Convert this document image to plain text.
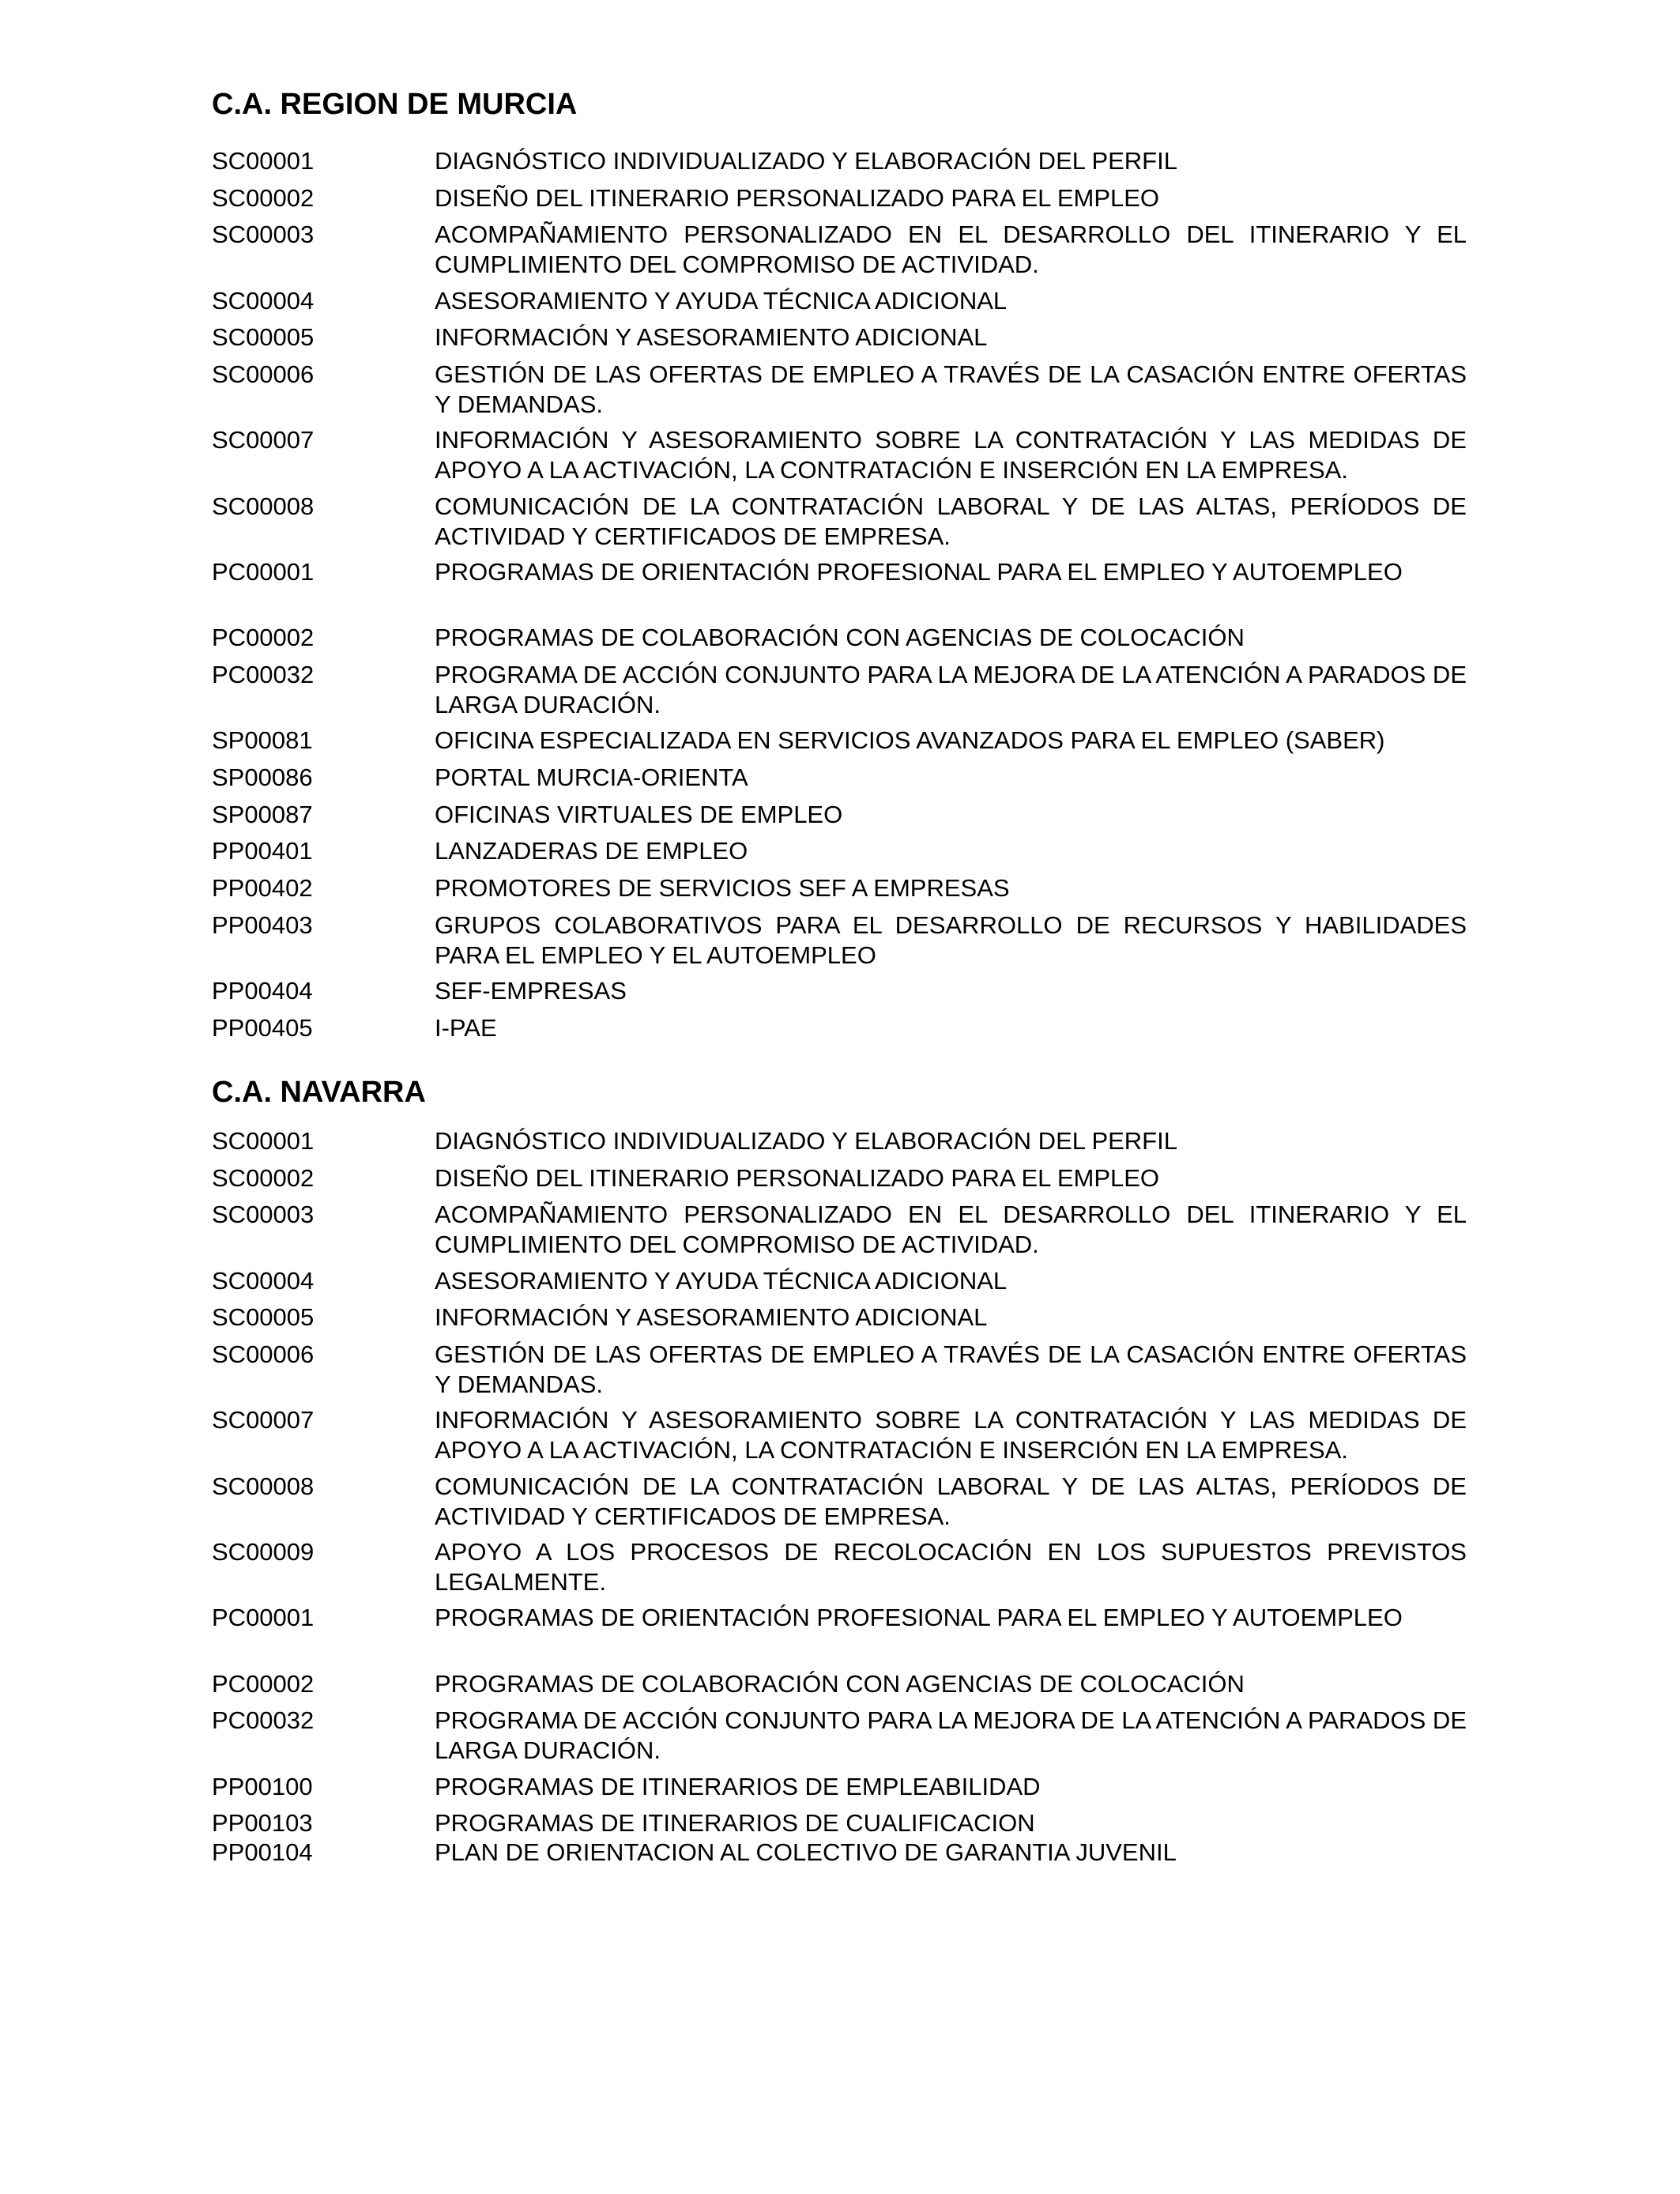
C.A. REGION DE MURCIA
SC00001	DIAGNÓSTICO INDIVIDUALIZADO Y ELABORACIÓN DEL PERFIL
SC00002	DISEÑO DEL ITINERARIO PERSONALIZADO PARA EL EMPLEO
SC00003	ACOMPAÑAMIENTO PERSONALIZADO EN EL DESARROLLO DEL ITINERARIO Y EL CUMPLIMIENTO DEL COMPROMISO DE ACTIVIDAD.
SC00004	ASESORAMIENTO Y AYUDA TÉCNICA ADICIONAL
SC00005	INFORMACIÓN Y ASESORAMIENTO ADICIONAL
SC00006	GESTIÓN DE LAS OFERTAS DE EMPLEO A TRAVÉS DE LA CASACIÓN ENTRE OFERTAS Y DEMANDAS.
SC00007	INFORMACIÓN Y ASESORAMIENTO SOBRE LA CONTRATACIÓN Y LAS MEDIDAS DE APOYO A LA ACTIVACIÓN, LA CONTRATACIÓN E INSERCIÓN EN LA EMPRESA.
SC00008	COMUNICACIÓN DE LA CONTRATACIÓN LABORAL Y DE LAS ALTAS, PERÍODOS DE ACTIVIDAD Y CERTIFICADOS DE EMPRESA.
PC00001	PROGRAMAS DE ORIENTACIÓN PROFESIONAL PARA EL EMPLEO Y AUTOEMPLEO
PC00002	PROGRAMAS DE COLABORACIÓN CON AGENCIAS DE COLOCACIÓN
PC00032	PROGRAMA DE ACCIÓN CONJUNTO PARA LA MEJORA DE LA ATENCIÓN A PARADOS DE LARGA DURACIÓN.
SP00081	OFICINA ESPECIALIZADA EN SERVICIOS AVANZADOS PARA EL EMPLEO (SABER)
SP00086	PORTAL MURCIA-ORIENTA
SP00087	OFICINAS VIRTUALES DE EMPLEO
PP00401	LANZADERAS DE EMPLEO
PP00402	PROMOTORES DE SERVICIOS SEF A EMPRESAS
PP00403	GRUPOS COLABORATIVOS PARA EL DESARROLLO DE RECURSOS Y HABILIDADES PARA EL EMPLEO Y EL AUTOEMPLEO
PP00404	SEF-EMPRESAS
PP00405	I-PAE
C.A. NAVARRA
SC00001	DIAGNÓSTICO INDIVIDUALIZADO Y ELABORACIÓN DEL PERFIL
SC00002	DISEÑO DEL ITINERARIO PERSONALIZADO PARA EL EMPLEO
SC00003	ACOMPAÑAMIENTO PERSONALIZADO EN EL DESARROLLO DEL ITINERARIO Y EL CUMPLIMIENTO DEL COMPROMISO DE ACTIVIDAD.
SC00004	ASESORAMIENTO Y AYUDA TÉCNICA ADICIONAL
SC00005	INFORMACIÓN Y ASESORAMIENTO ADICIONAL
SC00006	GESTIÓN DE LAS OFERTAS DE EMPLEO A TRAVÉS DE LA CASACIÓN ENTRE OFERTAS Y DEMANDAS.
SC00007	INFORMACIÓN Y ASESORAMIENTO SOBRE LA CONTRATACIÓN Y LAS MEDIDAS DE APOYO A LA ACTIVACIÓN, LA CONTRATACIÓN E INSERCIÓN EN LA EMPRESA.
SC00008	COMUNICACIÓN DE LA CONTRATACIÓN LABORAL Y DE LAS ALTAS, PERÍODOS DE ACTIVIDAD Y CERTIFICADOS DE EMPRESA.
SC00009	APOYO A LOS PROCESOS DE RECOLOCACIÓN EN LOS SUPUESTOS PREVISTOS LEGALMENTE.
PC00001	PROGRAMAS DE ORIENTACIÓN PROFESIONAL PARA EL EMPLEO Y AUTOEMPLEO
PC00002	PROGRAMAS DE COLABORACIÓN CON AGENCIAS DE COLOCACIÓN
PC00032	PROGRAMA DE ACCIÓN CONJUNTO PARA LA MEJORA DE LA ATENCIÓN A PARADOS DE LARGA DURACIÓN.
PP00100	PROGRAMAS DE ITINERARIOS DE EMPLEABILIDAD
PP00103	PROGRAMAS DE ITINERARIOS DE CUALIFICACION
PP00104	PLAN DE ORIENTACION AL COLECTIVO DE GARANTIA JUVENIL
